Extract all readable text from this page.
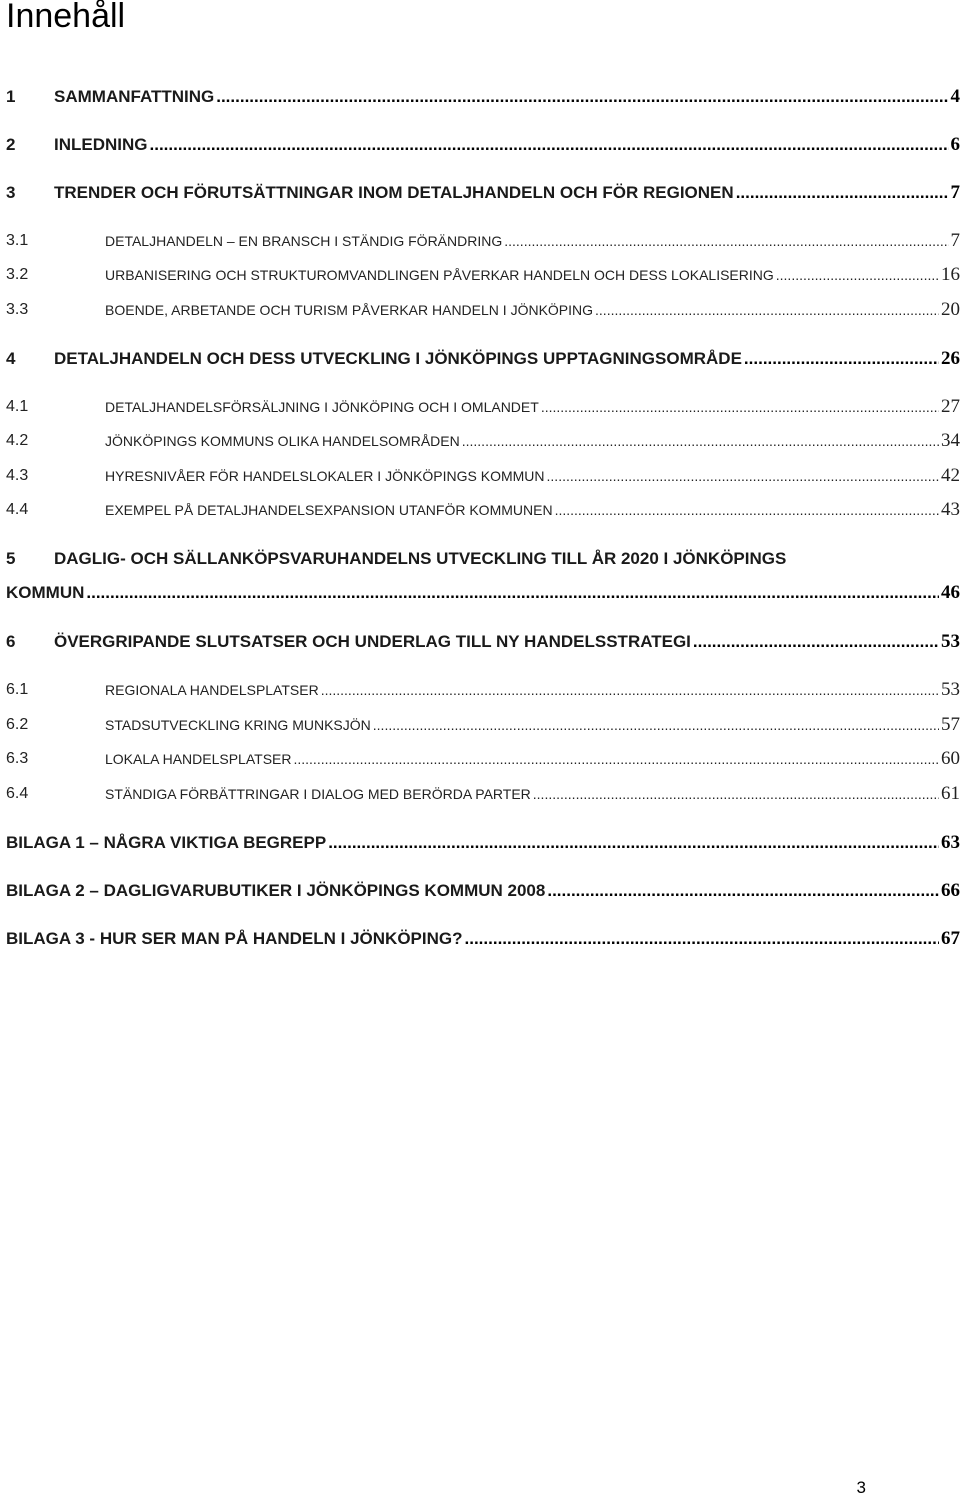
Innehåll
1 SAMMANFATTNING .....	4
2 INLEDNING .....	6
3 TRENDER OCH FÖRUTSÄTTNINGAR INOM DETALJHANDELN OCH FÖR REGIONEN .....	7
3.1	DETALJHANDELN – EN BRANSCH I STÄNDIG FÖRÄNDRING .....	7
3.2	URBANISERING OCH STRUKTUROMVANDLINGEN PÅVERKAR HANDELN OCH DESS LOKALISERING .....	16
3.3	BOENDE, ARBETANDE OCH TURISM PÅVERKAR HANDELN I JÖNKÖPING .....	20
4 DETALJHANDELN OCH DESS UTVECKLING I JÖNKÖPINGS UPPTAGNINGSOMRÅDE .....	26
4.1	DETALJHANDELSFÖRSÄLJNING I JÖNKÖPING OCH I OMLANDET .....	27
4.2	JÖNKÖPINGS KOMMUNS OLIKA HANDELSOMRÅDEN .....	34
4.3	HYRESNIVÅER FÖR HANDELSLOKALER I JÖNKÖPINGS KOMMUN .....	42
4.4	EXEMPEL PÅ DETALJHANDELSEXPANSION UTANFÖR KOMMUNEN .....	43
5 DAGLIG- OCH SÄLLANKÖPSVARUHANDELNS UTVECKLING TILL ÅR 2020 I JÖNKÖPINGS
KOMMUN .....	46
6 ÖVERGRIPANDE SLUTSATSER OCH UNDERLAG TILL NY HANDELSSTRATEGI .....	53
6.1	REGIONALA HANDELSPLATSER .....	53
6.2	STADSUTVECKLING KRING MUNKSJÖN .....	57
6.3	LOKALA HANDELSPLATSER .....	60
6.4	STÄNDIGA FÖRBÄTTRINGAR I DIALOG MED BERÖRDA PARTER .....	61
BILAGA 1 – NÅGRA VIKTIGA BEGREPP .....	63
BILAGA 2 – DAGLIGVARUBUTIKER I JÖNKÖPINGS KOMMUN 2008 .....	66
BILAGA 3 - HUR SER MAN PÅ HANDELN I JÖNKÖPING? .....	67
3
